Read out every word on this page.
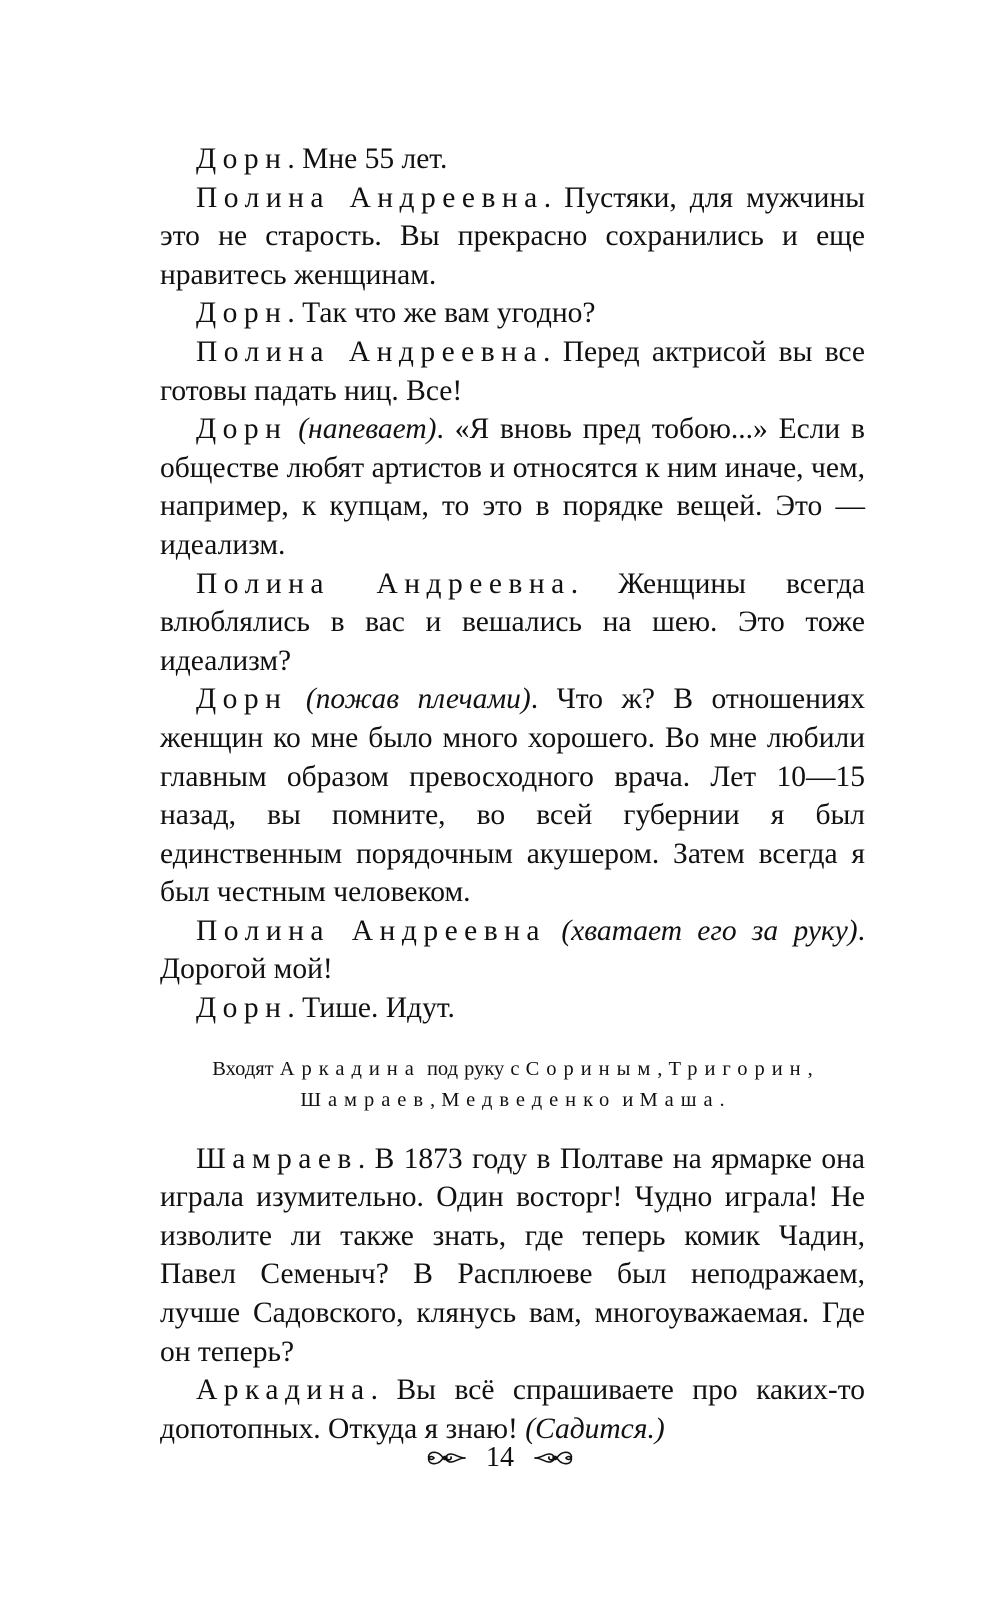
Дорн. Мне 55 лет.

Полина Андреевна. Пустяки, для мужчины это не старость. Вы прекрасно сохранились и еще нравитесь женщинам.

Дорн. Так что же вам угодно?

Полина Андреевна. Перед актрисой вы все готовы падать ниц. Все!

Дорн (напевает). «Я вновь пред тобою...» Если в обществе любят артистов и относятся к ним иначе, чем, например, к купцам, то это в порядке вещей. Это — идеализм.

Полина Андреевна. Женщины всегда влюблялись в вас и вешались на шею. Это тоже идеализм?

Дорн (пожав плечами). Что ж? В отношениях женщин ко мне было много хорошего. Во мне любили главным образом превосходного врача. Лет 10—15 назад, вы помните, во всей губернии я был единственным порядочным акушером. Затем всегда я был честным человеком.

Полина Андреевна (хватает его за руку). Дорогой мой!

Дорн. Тише. Идут.

Входят Аркадина под руку с Сориным, Тригорин, Шамраев, Медведенко и Маша.

Шамраев. В 1873 году в Полтаве на ярмарке она играла изумительно. Один восторг! Чудно играла! Не изволите ли также знать, где теперь комик Чадин, Павел Семеныч? В Расплюеве был неподражаем, лучше Садовского, клянусь вам, многоуважаемая. Где он теперь?

Аркадина. Вы всё спрашиваете про каких-то допотопных. Откуда я знаю! (Садится.)

14
